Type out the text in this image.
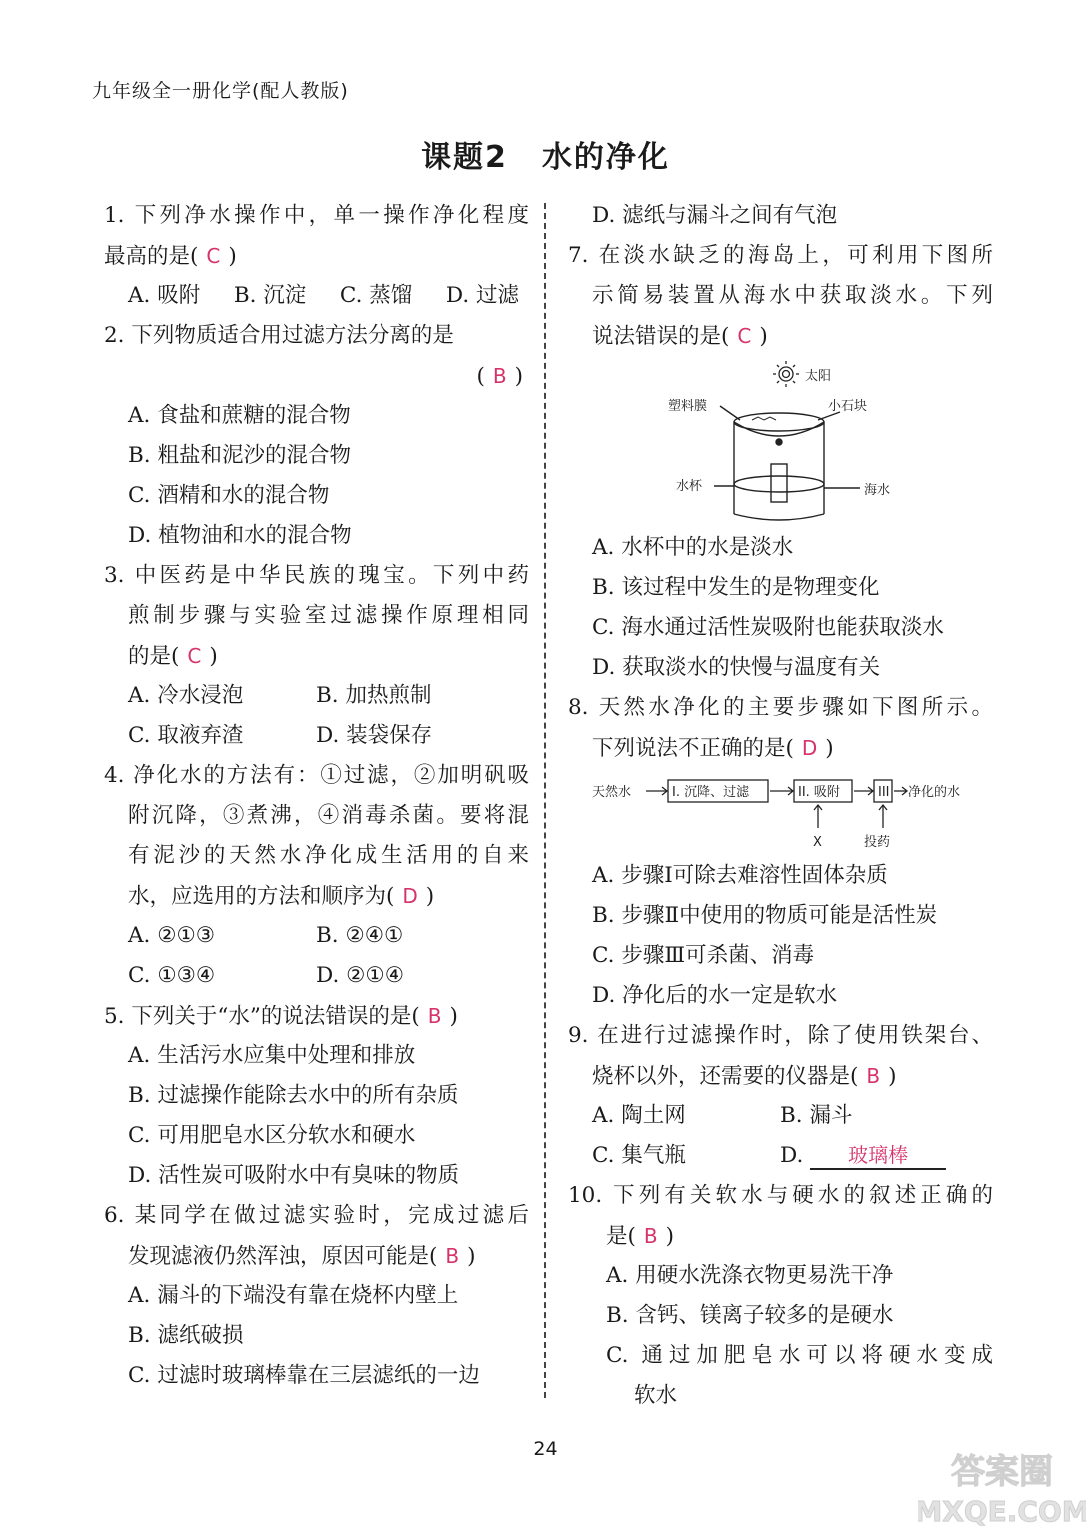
九年级全一册化学(配人教版)
课题2 水的净化
1. 下列净水操作中，单一操作净化程度
最高的是( C )
A. 吸附 B. 沉淀 C. 蒸馏 D. 过滤
2. 下列物质适合用过滤方法分离的是
( B )
A. 食盐和蔗糖的混合物
B. 粗盐和泥沙的混合物
C. 酒精和水的混合物
D. 植物油和水的混合物
3. 中医药是中华民族的瑰宝。下列中药
煎制步骤与实验室过滤操作原理相同
的是( C )
A. 冷水浸泡	B. 加热煎制
C. 取液弃渣	D. 装袋保存
4. 净化水的方法有：①过滤，②加明矾吸
附沉降，③煮沸，④消毒杀菌。要将混
有泥沙的天然水净化成生活用的自来
水，应选用的方法和顺序为( D )
A. ②①③	B. ②④①
C. ①③④	D. ②①④
5. 下列关于“水”的说法错误的是( B )
A. 生活污水应集中处理和排放
B. 过滤操作能除去水中的所有杂质
C. 可用肥皂水区分软水和硬水
D. 活性炭可吸附水中有臭味的物质
6. 某同学在做过滤实验时，完成过滤后
发现滤液仍然浑浊，原因可能是( B )
A. 漏斗的下端没有靠在烧杯内壁上
B. 滤纸破损
C. 过滤时玻璃棒靠在三层滤纸的一边
D. 滤纸与漏斗之间有气泡
7. 在淡水缺乏的海岛上，可利用下图所
示简易装置从海水中获取淡水。下列
说法错误的是( C )
太阳
塑料膜	小石块
水杯	海水
A. 水杯中的水是淡水
B. 该过程中发生的是物理变化
C. 海水通过活性炭吸附也能获取淡水
D. 获取淡水的快慢与温度有关
8. 天然水净化的主要步骤如下图所示。
下列说法不正确的是( D )
天然水	I. 沉降、过滤	II. 吸附	III 净化的水
X	投药
A. 步骤Ⅰ可除去难溶性固体杂质
B. 步骤Ⅱ中使用的物质可能是活性炭
C. 步骤Ⅲ可杀菌、消毒
D. 净化后的水一定是软水
9. 在进行过滤操作时，除了使用铁架台、
烧杯以外，还需要的仪器是( B )
A. 陶土网	B. 漏斗
C. 集气瓶	D. 玻璃棒
10. 下列有关软水与硬水的叙述正确的
是( B )
A. 用硬水洗涤衣物更易洗干净
B. 含钙、镁离子较多的是硬水
C. 通过加肥皂水可以将硬水变成
软水
24
答案圈
MXQE.COM
